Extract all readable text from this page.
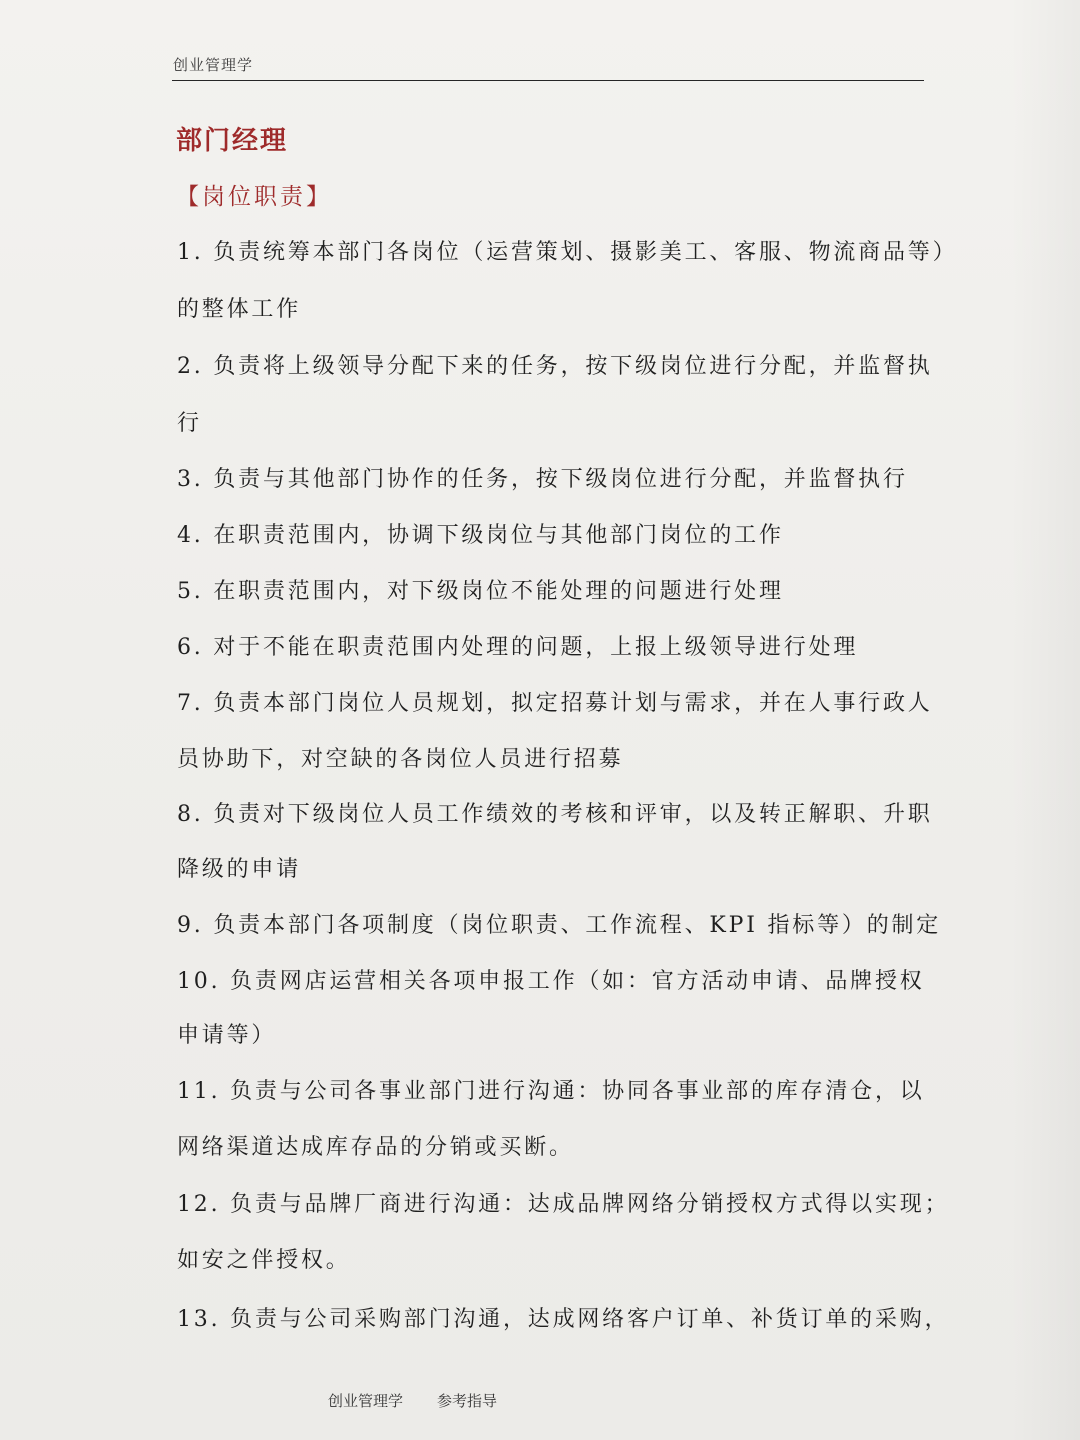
创业管理学
部门经理
【岗位职责】
1. 负责统筹本部门各岗位（运营策划、摄影美工、客服、物流商品等）
的整体工作
2. 负责将上级领导分配下来的任务，按下级岗位进行分配，并监督执
行
3. 负责与其他部门协作的任务，按下级岗位进行分配，并监督执行
4. 在职责范围内，协调下级岗位与其他部门岗位的工作
5. 在职责范围内，对下级岗位不能处理的问题进行处理
6. 对于不能在职责范围内处理的问题，上报上级领导进行处理
7. 负责本部门岗位人员规划，拟定招募计划与需求，并在人事行政人
员协助下，对空缺的各岗位人员进行招募
8. 负责对下级岗位人员工作绩效的考核和评审，以及转正解职、升职
降级的申请
9. 负责本部门各项制度（岗位职责、工作流程、KPI 指标等）的制定
10. 负责网店运营相关各项申报工作（如：官方活动申请、品牌授权
申请等）
11. 负责与公司各事业部门进行沟通：协同各事业部的库存清仓，以
网络渠道达成库存品的分销或买断。
12. 负责与品牌厂商进行沟通：达成品牌网络分销授权方式得以实现；
如安之伴授权。
13. 负责与公司采购部门沟通，达成网络客户订单、补货订单的采购，
创业管理学 参考指导
